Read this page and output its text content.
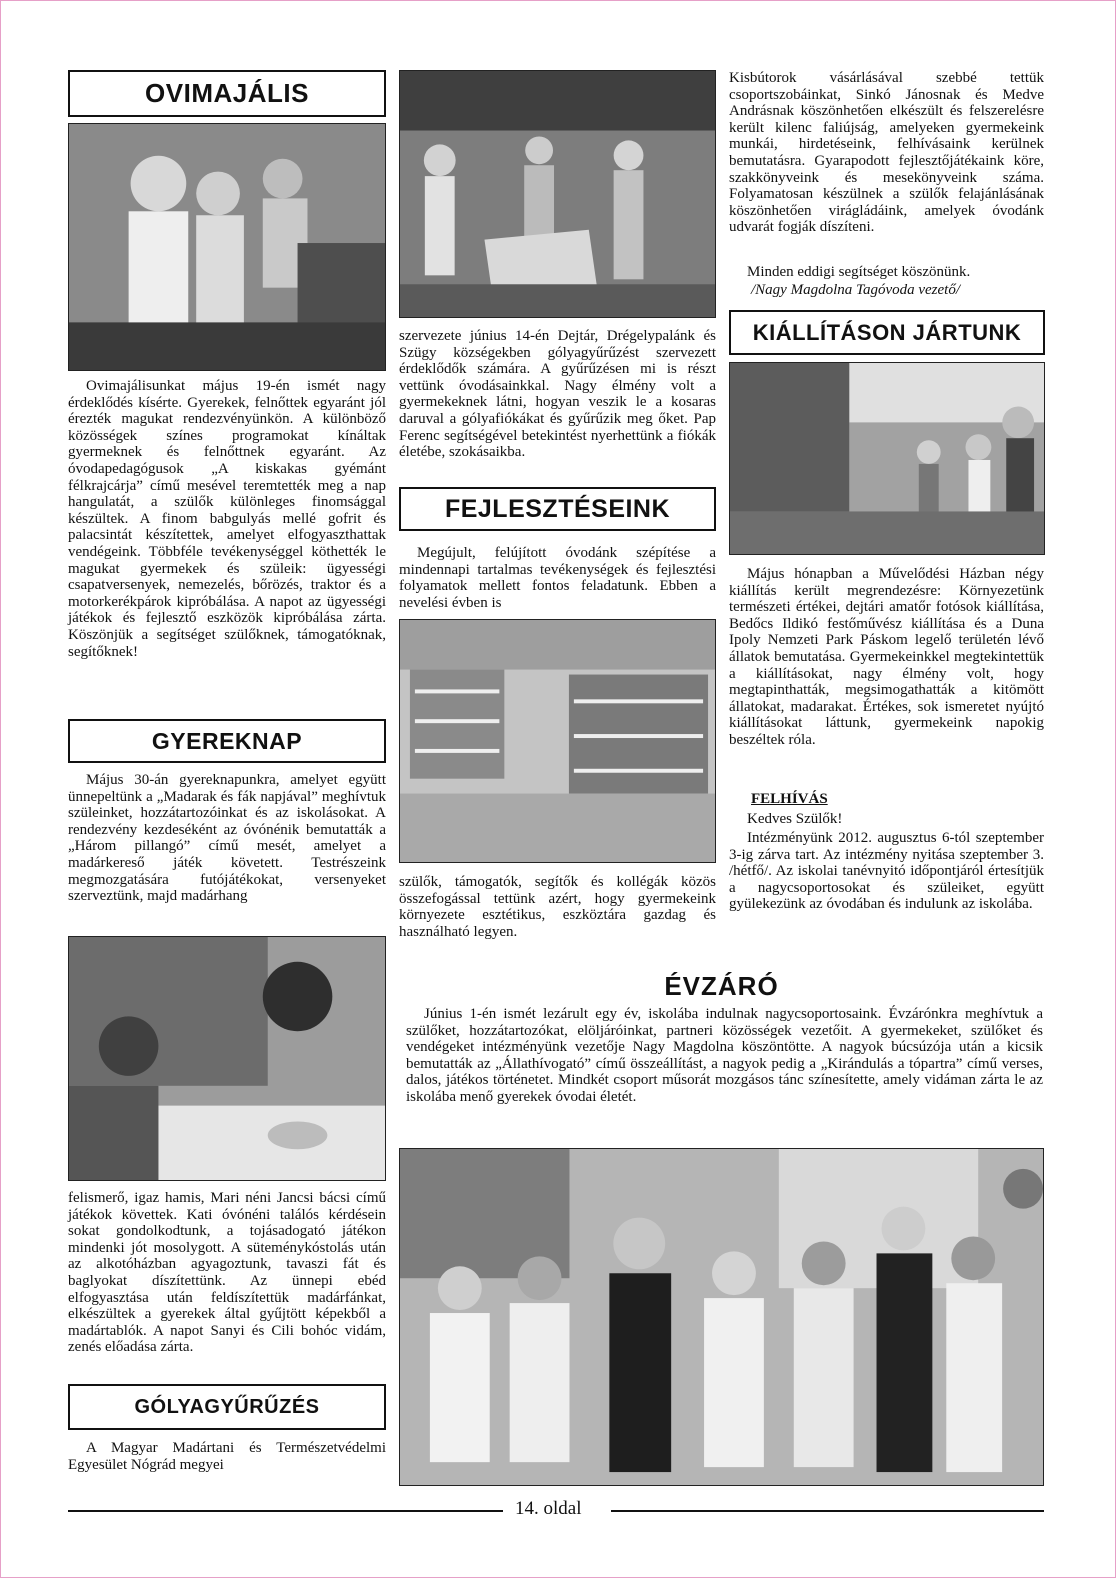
OVIMAJÁLIS

Ovimajálisunkat május 19-én ismét nagy érdeklődés kísérte. Gyerekek, felnőttek egyaránt jól érezték magukat rendezvényünkön. A különböző közösségek színes programokat kínáltak gyermeknek és felnőttnek egyaránt. Az óvodapedagógusok „A kiskakas gyémánt félkrajcárja” című mesével teremtették meg a nap hangulatát, a szülők különleges finomsággal készültek. A finom babgulyás mellé gofrit és palacsintát készítettek, amelyet elfogyaszthattak vendégeink. Többféle tevékenységgel köthették le magukat gyermekek és szüleik: ügyességi csapatversenyek, nemezelés, bőrözés, traktor és a motorkerékpárok kipróbálása. A napot az ügyességi játékok és fejlesztő eszközök kipróbálása zárta. Köszönjük a segítséget szülőknek, támogatóknak, segítőknek!

GYEREKNAP

Május 30-án gyereknapunkra, amelyet együtt ünnepeltünk a „Madarak és fák napjával” meghívtuk szüleinket, hozzátartozóinkat és az iskolásokat. A rendezvény kezdeséként az óvónénik bemutatták a „Három pillangó” című mesét, amelyet a madárkereső játék követett. Testrészeink megmozgatására futójátékokat, versenyeket szerveztünk, majd madárhang

felismerő, igaz hamis, Mari néni Jancsi bácsi című játékok követtek. Kati óvónéni találós kérdésein sokat gondolkodtunk, a tojásadogató játékon mindenki jót mosolygott. A süteménykóstolás után az alkotóházban agyagoztunk, tavaszi fát és baglyokat díszítettünk. Az ünnepi ebéd elfogyasztása után feldíszítettük madárfánkat, elkészültek a gyerekek által gyűjtött képekből a madártablók. A napot Sanyi és Cili bohóc vidám, zenés előadása zárta.

GÓLYAGYŰRŰZÉS

A Magyar Madártani és Természetvédelmi Egyesület Nógrád megyei

szervezete június 14-én Dejtár, Drégelypalánk és Szügy községekben gólyagyűrűzést szervezett érdeklődők számára. A gyűrűzésen mi is részt vettünk óvodásainkkal. Nagy élmény volt a gyermekeknek látni, hogyan veszik le a kosaras daruval a gólyafiókákat és gyűrűzik meg őket. Pap Ferenc segítségével betekintést nyerhettünk a fiókák életébe, szokásaikba.

FEJLESZTÉSEINK

Megújult, felújított óvodánk szépítése a mindennapi tartalmas tevékenységek és fejlesztési folyamatok mellett fontos feladatunk. Ebben a nevelési évben is

szülők, támogatók, segítők és kollégák közös összefogással tettünk azért, hogy gyermekeink környezete esztétikus, eszköztára gazdag és használható legyen.

Kisbútorok vásárlásával szebbé tettük csoportszobáinkat, Sinkó Jánosnak és Medve Andrásnak köszönhetően elkészült és felszerelésre került kilenc faliújság, amelyeken gyermekeink munkái, hirdetéseink, felhívásaink kerülnek bemutatásra. Gyarapodott fejlesztőjátékaink köre, szakkönyveink és mesekönyveink száma. Folyamatosan készülnek a szülők felajánlásának köszönhetően virágládáink, amelyek óvodánk udvarát fogják díszíteni.

Minden eddigi segítséget köszönünk.

/Nagy Magdolna Tagóvoda vezető/

KIÁLLÍTÁSON JÁRTUNK

Május hónapban a Művelődési Házban négy kiállítás került megrendezésre: Környezetünk természeti értékei, dejtári amatőr fotósok kiállítása, Bedőcs Ildikó festőművész kiállítása és a Duna Ipoly Nemzeti Park Páskom legelő területén lévő állatok bemutatása. Gyermekeinkkel megtekintettük a kiállításokat, nagy élmény volt, hogy megtapinthatták, megsimogathatták a kitömött állatokat, madarakat. Értékes, sok ismeretet nyújtó kiállításokat láttunk, gyermekeink napokig beszéltek róla.

FELHÍVÁS

Kedves Szülők!

Intézményünk 2012. augusztus 6-tól szeptember 3-ig zárva tart. Az intézmény nyitása szeptember 3. /hétfő/. Az iskolai tanévnyitó időpontjáról értesítjük a nagycsoportosokat és szüleiket, együtt gyülekezünk az óvodában és indulunk az iskolába.

ÉVZÁRÓ

Június 1-én ismét lezárult egy év, iskolába indulnak nagycsoportosaink. Évzárónkra meghívtuk a szülőket, hozzátartozókat, elöljáróinkat, partneri közösségek vezetőit. A gyermekeket, szülőket és vendégeket intézményünk vezetője Nagy Magdolna köszöntötte. A nagyok búcsúzója után a kicsik bemutatták az „Állathívogató” című összeállítást, a nagyok pedig a „Kirándulás a tópartra” című verses, dalos, játékos történetet. Mindkét csoport műsorát mozgásos tánc színesítette, amely vidáman zárta le az iskolába menő gyerekek óvodai életét.

14. oldal
